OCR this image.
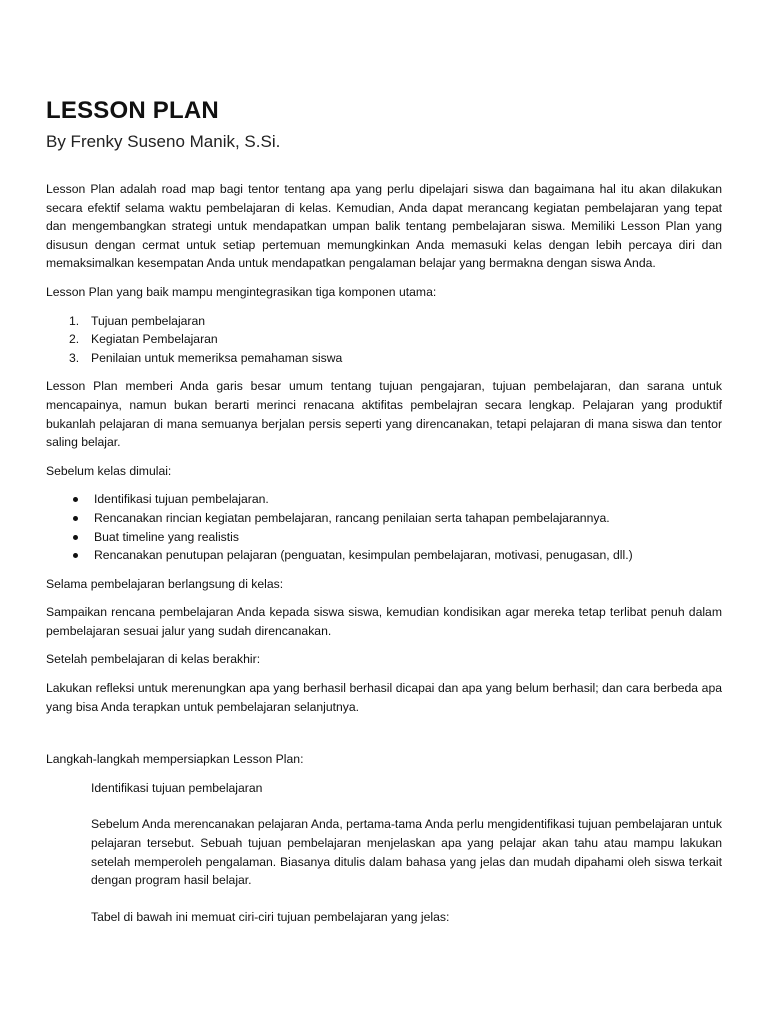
LESSON PLAN
By Frenky Suseno Manik, S.Si.

Lesson Plan adalah road map bagi tentor tentang apa yang perlu dipelajari siswa dan bagaimana hal itu akan dilakukan secara efektif selama waktu pembelajaran di kelas. Kemudian, Anda dapat merancang kegiatan pembelajaran yang tepat dan mengembangkan strategi untuk mendapatkan umpan balik tentang pembelajaran siswa. Memiliki Lesson Plan yang disusun dengan cermat untuk setiap pertemuan memungkinkan Anda memasuki kelas dengan lebih percaya diri dan memaksimalkan kesempatan Anda untuk mendapatkan pengalaman belajar yang bermakna dengan siswa Anda.

Lesson Plan yang baik mampu mengintegrasikan tiga komponen utama:

1. Tujuan pembelajaran
2. Kegiatan Pembelajaran
3. Penilaian untuk memeriksa pemahaman siswa

Lesson Plan memberi Anda garis besar umum tentang tujuan pengajaran, tujuan pembelajaran, dan sarana untuk mencapainya, namun bukan berarti merinci renacana aktifitas pembelajran secara lengkap. Pelajaran yang produktif bukanlah pelajaran di mana semuanya berjalan persis seperti yang direncanakan, tetapi pelajaran di mana siswa dan tentor saling belajar.

Sebelum kelas dimulai:

Identifikasi tujuan pembelajaran.
Rencanakan rincian kegiatan pembelajaran, rancang penilaian serta tahapan pembelajarannya.
Buat timeline yang realistis
Rencanakan penutupan pelajaran (penguatan, kesimpulan pembelajaran, motivasi, penugasan, dll.)

Selama pembelajaran berlangsung di kelas:

Sampaikan rencana pembelajaran Anda kepada siswa siswa, kemudian kondisikan agar mereka tetap terlibat penuh dalam pembelajaran sesuai jalur yang sudah direncanakan.

Setelah pembelajaran di kelas berakhir:

Lakukan refleksi untuk merenungkan apa yang berhasil berhasil dicapai dan apa yang belum berhasil; dan cara berbeda apa yang bisa Anda terapkan untuk pembelajaran selanjutnya.

Langkah-langkah mempersiapkan Lesson Plan:

Identifikasi tujuan pembelajaran

Sebelum Anda merencanakan pelajaran Anda, pertama-tama Anda perlu mengidentifikasi tujuan pembelajaran untuk pelajaran tersebut. Sebuah tujuan pembelajaran menjelaskan apa yang pelajar akan tahu atau mampu lakukan setelah memperoleh pengalaman. Biasanya ditulis dalam bahasa yang jelas dan mudah dipahami oleh siswa terkait dengan program hasil belajar.

Tabel di bawah ini memuat ciri-ciri tujuan pembelajaran yang jelas:
